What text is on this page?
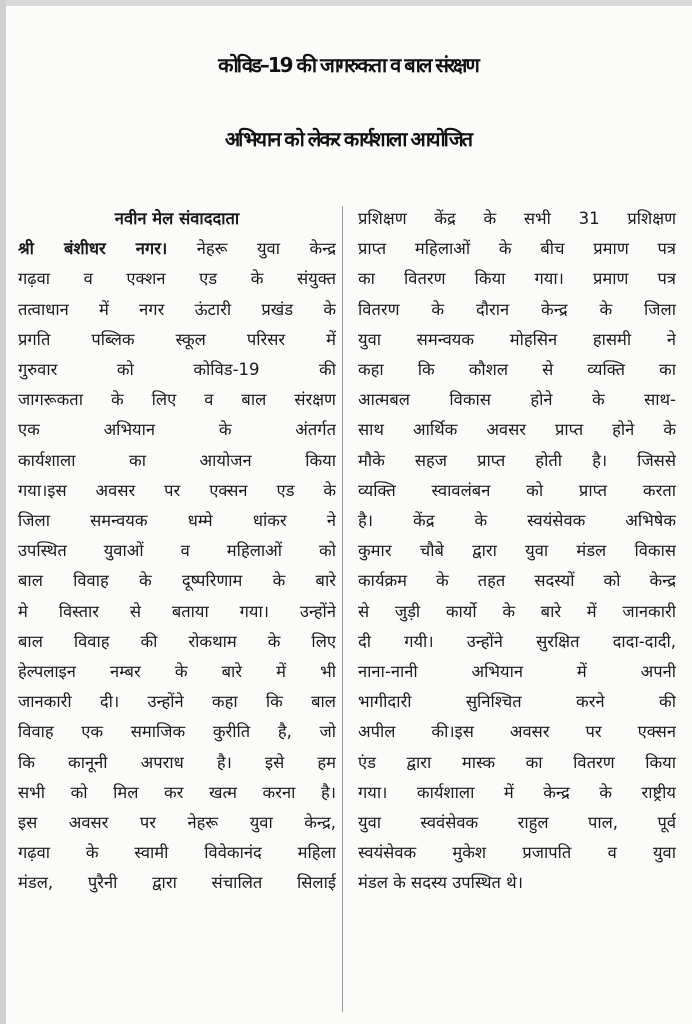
कोविड–19 की जागरुकता व बाल संरक्षण
अभियान को लेकर कार्यशाला आयोजित
नवीन मेल संवाददाता
श्री बंशीधर नगर। नेहरू युवा केन्द्र
गढ़वा व एक्शन एड के संयुक्त
तत्वाधान में नगर ऊंटारी प्रखंड के
प्रगति पब्लिक स्कूल परिसर में
गुरुवार को कोविड-19 की
जागरूकता के लिए व बाल संरक्षण
एक अभियान के अंतर्गत
कार्यशाला का आयोजन किया
गया।इस अवसर पर एक्सन एड के
जिला समन्वयक धम्मे धांकर ने
उपस्थित युवाओं व महिलाओं को
बाल विवाह के दूष्परिणाम के बारे
मे विस्तार से बताया गया। उन्होंने
बाल विवाह की रोकथाम के लिए
हेल्पलाइन नम्बर के बारे में भी
जानकारी दी। उन्होंने कहा कि बाल
विवाह एक समाजिक कुरीति है, जो
कि कानूनी अपराध है। इसे हम
सभी को मिल कर खत्म करना है।
इस अवसर पर नेहरू युवा केन्द्र,
गढ़वा के स्वामी विवेकानंद महिला
मंडल, पुरैनी द्वारा संचालित सिलाई
प्रशिक्षण केंद्र के सभी 31 प्रशिक्षण
प्राप्त महिलाओं के बीच प्रमाण पत्र
का वितरण किया गया। प्रमाण पत्र
वितरण के दौरान केन्द्र के जिला
युवा समन्वयक मोहसिन हासमी ने
कहा कि कौशल से व्यक्ति का
आत्मबल विकास होने के साथ-
साथ आर्थिक अवसर प्राप्त होने के
मौके सहज प्राप्त होती है। जिससे
व्यक्ति स्वावलंबन को प्राप्त करता
है। केंद्र के स्वयंसेवक अभिषेक
कुमार चौबे द्वारा युवा मंडल विकास
कार्यक्रम के तहत सदस्यों को केन्द्र
से जुड़ी कार्यो के बारे में जानकारी
दी गयी। उन्होंने सुरक्षित दादा-दादी,
नाना-नानी अभियान में अपनी
भागीदारी सुनिश्चित करने की
अपील की।इस अवसर पर एक्सन
एंड द्वारा मास्क का वितरण किया
गया। कार्यशाला में केन्द्र के राष्ट्रीय
युवा स्ववंसेवक राहुल पाल, पूर्व
स्वयंसेवक मुकेश प्रजापति व युवा
मंडल के सदस्य उपस्थित थे।
